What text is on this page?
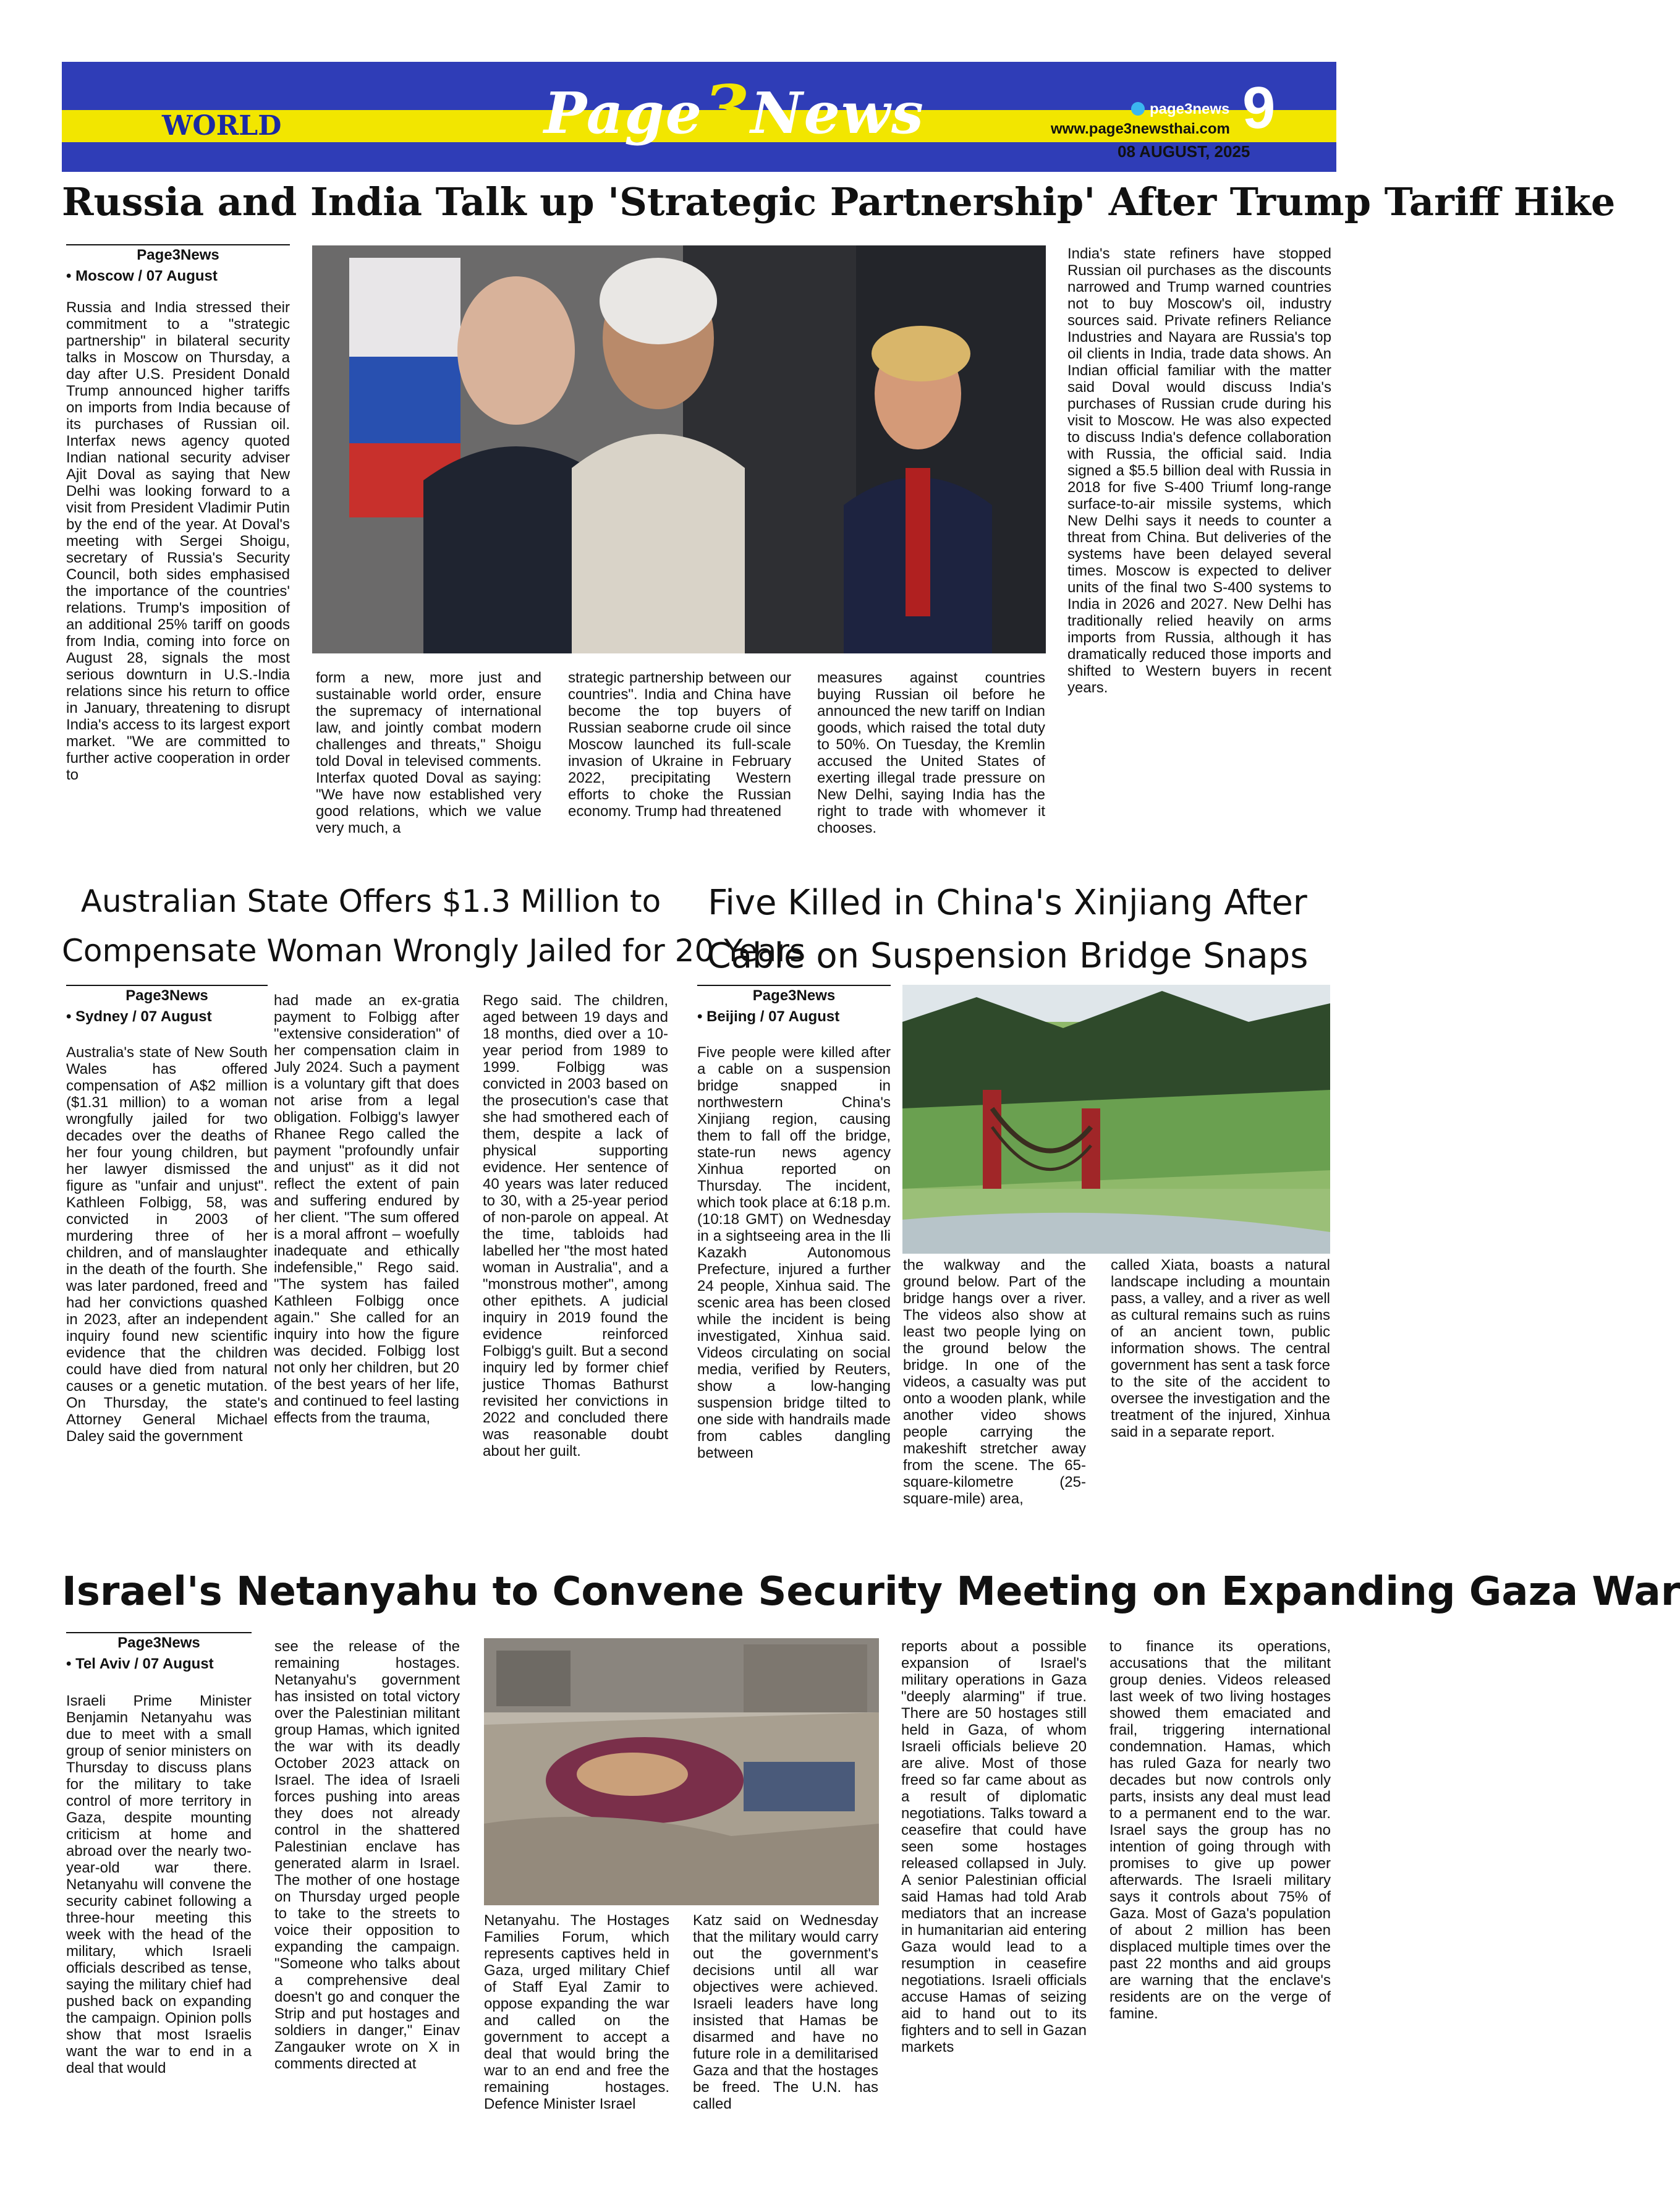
WORLD	Page3News	page3news
www.page3newsthai.com 9
08 AUGUST, 2025
Russia and India Talk up 'Strategic Partnership' After Trump Tariff Hike
Page3News
• Moscow / 07 August

Russia and India stressed their commitment to a "strategic partnership" in bilateral security talks in Moscow on Thursday, a day after U.S. President Donald Trump announced higher tariffs on imports from India because of its purchases of Russian oil. Interfax news agency quoted Indian national security adviser Ajit Doval as saying that New Delhi was looking forward to a visit from President Vladimir Putin by the end of the year. At Doval's meeting with Sergei Shoigu, secretary of Russia's Security Council, both sides emphasised the importance of the countries' relations. Trump's imposition of an additional 25% tariff on goods from India, coming into force on August 28, signals the most serious downturn in U.S.-India relations since his return to office in January, threatening to disrupt India's access to its largest export market. "We are committed to further active cooperation in order to

form a new, more just and sustainable world order, ensure the supremacy of international law, and jointly combat modern challenges and threats," Shoigu told Doval in televised comments. Interfax quoted Doval as saying: "We have now established very good relations, which we value very much, a

strategic partnership between our countries". India and China have become the top buyers of Russian seaborne crude oil since Moscow launched its full-scale invasion of Ukraine in February 2022, precipitating Western efforts to choke the Russian economy. Trump had threatened

measures against countries buying Russian oil before he announced the new tariff on Indian goods, which raised the total duty to 50%. On Tuesday, the Kremlin accused the United States of exerting illegal trade pressure on New Delhi, saying India has the right to trade with whomever it chooses.

India's state refiners have stopped Russian oil purchases as the discounts narrowed and Trump warned countries not to buy Moscow's oil, industry sources said. Private refiners Reliance Industries and Nayara are Russia's top oil clients in India, trade data shows. An Indian official familiar with the matter said Doval would discuss India's purchases of Russian crude during his visit to Moscow. He was also expected to discuss India's defence collaboration with Russia, the official said. India signed a $5.5 billion deal with Russia in 2018 for five S-400 Triumf long-range surface-to-air missile systems, which New Delhi says it needs to counter a threat from China. But deliveries of the systems have been delayed several times. Moscow is expected to deliver units of the final two S-400 systems to India in 2026 and 2027. New Delhi has traditionally relied heavily on arms imports from Russia, although it has dramatically reduced those imports and shifted to Western buyers in recent years.

Australian State Offers $1.3 Million to
Compensate Woman Wrongly Jailed for 20 Years
Page3News
• Sydney / 07 August

Australia's state of New South Wales has offered compensation of A$2 million ($1.31 million) to a woman wrongfully jailed for two decades over the deaths of her four young children, but her lawyer dismissed the figure as "unfair and unjust". Kathleen Folbigg, 58, was convicted in 2003 of murdering three of her children, and of manslaughter in the death of the fourth. She was later pardoned, freed and had her convictions quashed in 2023, after an independent inquiry found new scientific evidence that the children could have died from natural causes or a genetic mutation. On Thursday, the state's Attorney General Michael Daley said the government

had made an ex-gratia payment to Folbigg after "extensive consideration" of her compensation claim in July 2024. Such a payment is a voluntary gift that does not arise from a legal obligation. Folbigg's lawyer Rhanee Rego called the payment "profoundly unfair and unjust" as it did not reflect the extent of pain and suffering endured by her client. "The sum offered is a moral affront – woefully inadequate and ethically indefensible," Rego said. "The system has failed Kathleen Folbigg once again." She called for an inquiry into how the figure was decided. Folbigg lost not only her children, but 20 of the best years of her life, and continued to feel lasting effects from the trauma,

Rego said. The children, aged between 19 days and 18 months, died over a 10-year period from 1989 to 1999. Folbigg was convicted in 2003 based on the prosecution's case that she had smothered each of them, despite a lack of physical supporting evidence. Her sentence of 40 years was later reduced to 30, with a 25-year period of non-parole on appeal. At the time, tabloids had labelled her "the most hated woman in Australia", and a "monstrous mother", among other epithets. A judicial inquiry in 2019 found the evidence reinforced Folbigg's guilt. But a second inquiry led by former chief justice Thomas Bathurst revisited her convictions in 2022 and concluded there was reasonable doubt about her guilt.

Five Killed in China's Xinjiang After
Cable on Suspension Bridge Snaps
Page3News
• Beijing / 07 August

Five people were killed after a cable on a suspension bridge snapped in northwestern China's Xinjiang region, causing them to fall off the bridge, state-run news agency Xinhua reported on Thursday. The incident, which took place at 6:18 p.m. (10:18 GMT) on Wednesday in a sightseeing area in the Ili Kazakh Autonomous Prefecture, injured a further 24 people, Xinhua said. The scenic area has been closed while the incident is being investigated, Xinhua said. Videos circulating on social media, verified by Reuters, show a low-hanging suspension bridge tilted to one side with handrails made from cables dangling between

the walkway and the ground below. Part of the bridge hangs over a river. The videos also show at least two people lying on the ground below the bridge. In one of the videos, a casualty was put onto a wooden plank, while another video shows people carrying the makeshift stretcher away from the scene. The 65-square-kilometre (25-square-mile) area,

called Xiata, boasts a natural landscape including a mountain pass, a valley, and a river as well as cultural remains such as ruins of an ancient town, public information shows. The central government has sent a task force to the site of the accident to oversee the investigation and the treatment of the injured, Xinhua said in a separate report.

Israel's Netanyahu to Convene Security Meeting on Expanding Gaza War
Page3News
• Tel Aviv / 07 August

Israeli Prime Minister Benjamin Netanyahu was due to meet with a small group of senior ministers on Thursday to discuss plans for the military to take control of more territory in Gaza, despite mounting criticism at home and abroad over the nearly two-year-old war there. Netanyahu will convene the security cabinet following a three-hour meeting this week with the head of the military, which Israeli officials described as tense, saying the military chief had pushed back on expanding the campaign. Opinion polls show that most Israelis want the war to end in a deal that would

see the release of the remaining hostages. Netanyahu's government has insisted on total victory over the Palestinian militant group Hamas, which ignited the war with its deadly October 2023 attack on Israel. The idea of Israeli forces pushing into areas they does not already control in the shattered Palestinian enclave has generated alarm in Israel. The mother of one hostage on Thursday urged people to take to the streets to voice their opposition to expanding the campaign. "Someone who talks about a comprehensive deal doesn't go and conquer the Strip and put hostages and soldiers in danger," Einav Zangauker wrote on X in comments directed at

Netanyahu. The Hostages Families Forum, which represents captives held in Gaza, urged military Chief of Staff Eyal Zamir to oppose expanding the war and called on the government to accept a deal that would bring the war to an end and free the remaining hostages. Defence Minister Israel

Katz said on Wednesday that the military would carry out the government's decisions until all war objectives were achieved. Israeli leaders have long insisted that Hamas be disarmed and have no future role in a demilitarised Gaza and that the hostages be freed. The U.N. has called

reports about a possible expansion of Israel's military operations in Gaza "deeply alarming" if true. There are 50 hostages still held in Gaza, of whom Israeli officials believe 20 are alive. Most of those freed so far came about as a result of diplomatic negotiations. Talks toward a ceasefire that could have seen some hostages released collapsed in July. A senior Palestinian official said Hamas had told Arab mediators that an increase in humanitarian aid entering Gaza would lead to a resumption in ceasefire negotiations. Israeli officials accuse Hamas of seizing aid to hand out to its fighters and to sell in Gazan markets

to finance its operations, accusations that the militant group denies. Videos released last week of two living hostages showed them emaciated and frail, triggering international condemnation. Hamas, which has ruled Gaza for nearly two decades but now controls only parts, insists any deal must lead to a permanent end to the war. Israel says the group has no intention of going through with promises to give up power afterwards. The Israeli military says it controls about 75% of Gaza. Most of Gaza's population of about 2 million has been displaced multiple times over the past 22 months and aid groups are warning that the enclave's residents are on the verge of famine.
